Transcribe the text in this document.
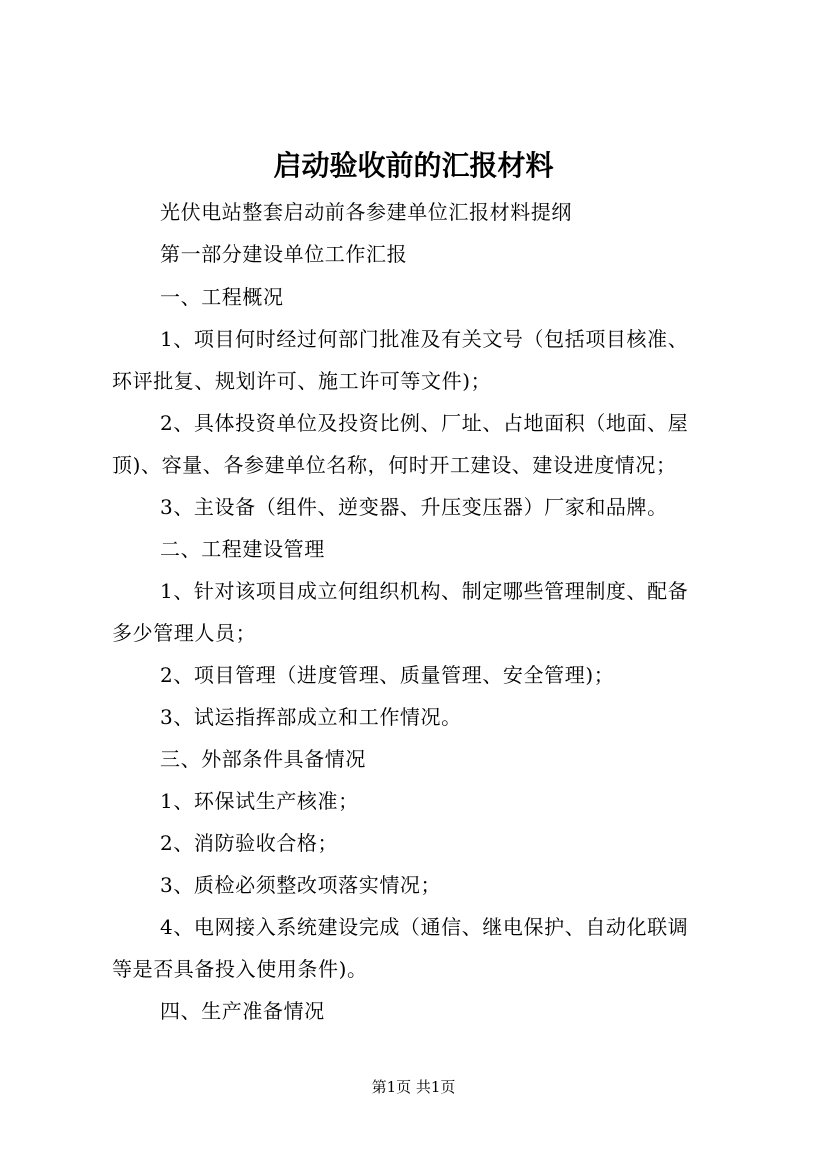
启动验收前的汇报材料
光伏电站整套启动前各参建单位汇报材料提纲
第一部分建设单位工作汇报
一、工程概况
1、项目何时经过何部门批准及有关文号（包括项目核准、
环评批复、规划许可、施工许可等文件)；
2、具体投资单位及投资比例、厂址、占地面积（地面、屋
顶)、容量、各参建单位名称，何时开工建设、建设进度情况；
3、主设备（组件、逆变器、升压变压器）厂家和品牌。
二、工程建设管理
1、针对该项目成立何组织机构、制定哪些管理制度、配备
多少管理人员；
2、项目管理（进度管理、质量管理、安全管理)；
3、试运指挥部成立和工作情况。
三、外部条件具备情况
1、环保试生产核准；
2、消防验收合格；
3、质检必须整改项落实情况；
4、电网接入系统建设完成（通信、继电保护、自动化联调
等是否具备投入使用条件)。
四、生产准备情况
第1页 共1页
